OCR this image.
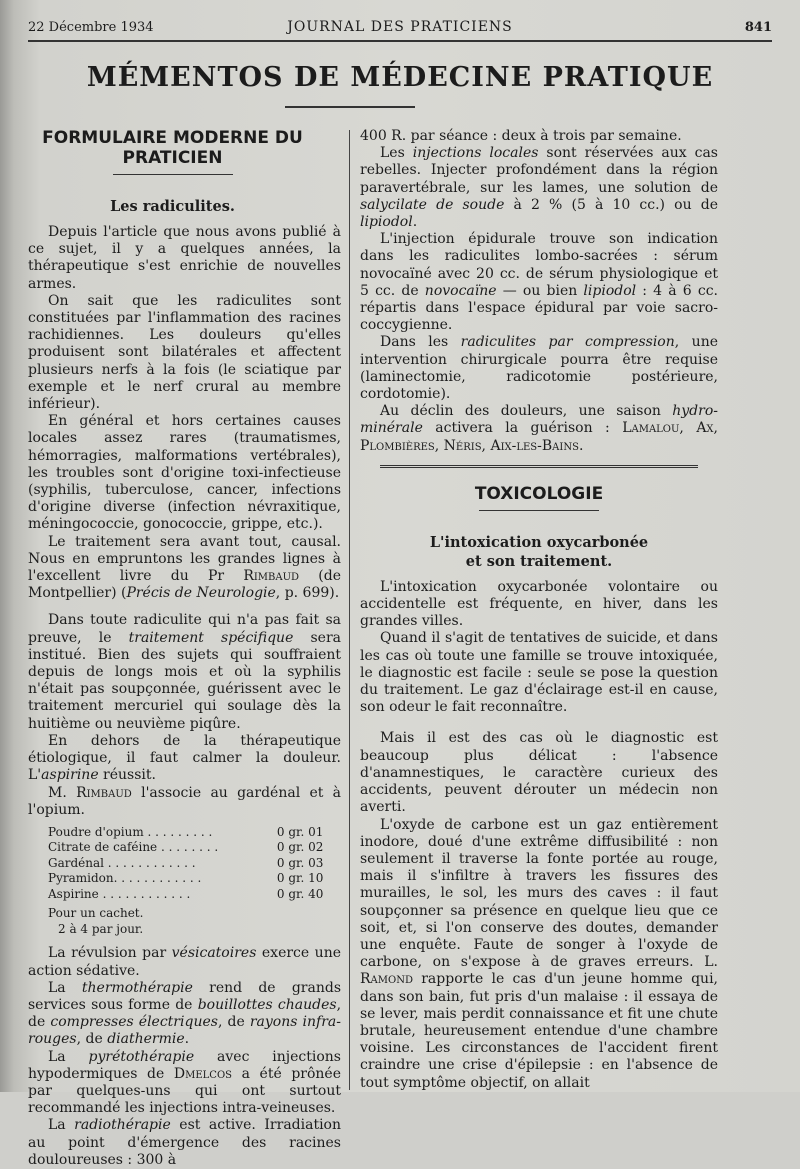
22 Décembre 1934	JOURNAL DES PRATICIENS	841
MÉMENTOS DE MÉDECINE PRATIQUE
FORMULAIRE MODERNE DU PRATICIEN
Les radiculites.

Depuis l'article que nous avons publié à ce sujet, il y a quelques années, la thérapeutique s'est enrichie de nouvelles armes.

On sait que les radiculites sont constituées par l'inflammation des racines rachidiennes. Les douleurs qu'elles produisent sont bilatérales et affectent plusieurs nerfs à la fois (le sciatique par exemple et le nerf crural au membre inférieur).

En général et hors certaines causes locales assez rares (traumatismes, hémorragies, malformations vertébrales), les troubles sont d'origine toxi-infectieuse (syphilis, tuberculose, cancer, infections d'origine diverse (infection névraxitique, méningococcie, gonococcie, grippe, etc.).

Le traitement sera avant tout, causal. Nous en empruntons les grandes lignes à l'excellent livre du Pr Rimbaud (de Montpellier) (Précis de Neurologie, p. 699).

Dans toute radiculite qui n'a pas fait sa preuve, le traitement spécifique sera institué. Bien des sujets qui souffraient depuis de longs mois et où la syphilis n'était pas soupçonnée, guérissent avec le traitement mercuriel qui soulage dès la huitième ou neuvième piqûre.

En dehors de la thérapeutique étiologique, il faut calmer la douleur. L'aspirine réussit.

M. Rimbaud l'associe au gardénal et à l'opium.

Poudre d'opium . . . . . . . . .	0 gr. 01
Citrate de caféine . . . . . . . .	0 gr. 02
Gardénal . . . . . . . . . . . .	0 gr. 03
Pyramidon. . . . . . . . . . . .	0 gr. 10
Aspirine . . . . . . . . . . . .	0 gr. 40
Pour un cachet.
2 à 4 par jour.

La révulsion par vésicatoires exerce une action sédative.

La thermothérapie rend de grands services sous forme de bouillottes chaudes, de compresses électriques, de rayons infra-rouges, de diathermie.

La pyrétothérapie avec injections hypodermiques de Dmelcos a été prônée par quelques-uns qui ont surtout recommandé les injections intra-veineuses.

La radiothérapie est active. Irradiation au point d'émergence des racines douloureuses : 300 à

400 R. par séance : deux à trois par semaine.

Les injections locales sont réservées aux cas rebelles. Injecter profondément dans la région paravertébrale, sur les lames, une solution de salycilate de soude à 2 % (5 à 10 cc.) ou de lipiodol.

L'injection épidurale trouve son indication dans les radiculites lombo-sacrées : sérum novocaïné avec 20 cc. de sérum physiologique et 5 cc. de novocaïne — ou bien lipiodol : 4 à 6 cc. répartis dans l'espace épidural par voie sacro-coccygienne.

Dans les radiculites par compression, une intervention chirurgicale pourra être requise (laminectomie, radicotomie postérieure, cordotomie).

Au déclin des douleurs, une saison hydro-minérale activera la guérison : Lamalou, Ax, Plombières, Néris, Aix-les-Bains.

TOXICOLOGIE
L'intoxication oxycarbonée
et son traitement.

L'intoxication oxycarbonée volontaire ou accidentelle est fréquente, en hiver, dans les grandes villes.

Quand il s'agit de tentatives de suicide, et dans les cas où toute une famille se trouve intoxiquée, le diagnostic est facile : seule se pose la question du traitement. Le gaz d'éclairage est-il en cause, son odeur le fait reconnaître.

Mais il est des cas où le diagnostic est beaucoup plus délicat : l'absence d'anamnestiques, le caractère curieux des accidents, peuvent dérouter un médecin non averti.

L'oxyde de carbone est un gaz entièrement inodore, doué d'une extrême diffusibilité : non seulement il traverse la fonte portée au rouge, mais il s'infiltre à travers les fissures des murailles, le sol, les murs des caves : il faut soupçonner sa présence en quelque lieu que ce soit, et, si l'on conserve des doutes, demander une enquête. Faute de songer à l'oxyde de carbone, on s'expose à de graves erreurs. L. Ramond rapporte le cas d'un jeune homme qui, dans son bain, fut pris d'un malaise : il essaya de se lever, mais perdit connaissance et fit une chute brutale, heureusement entendue d'une chambre voisine. Les circonstances de l'accident firent craindre une crise d'épilepsie : en l'absence de tout symptôme objectif, on allait
